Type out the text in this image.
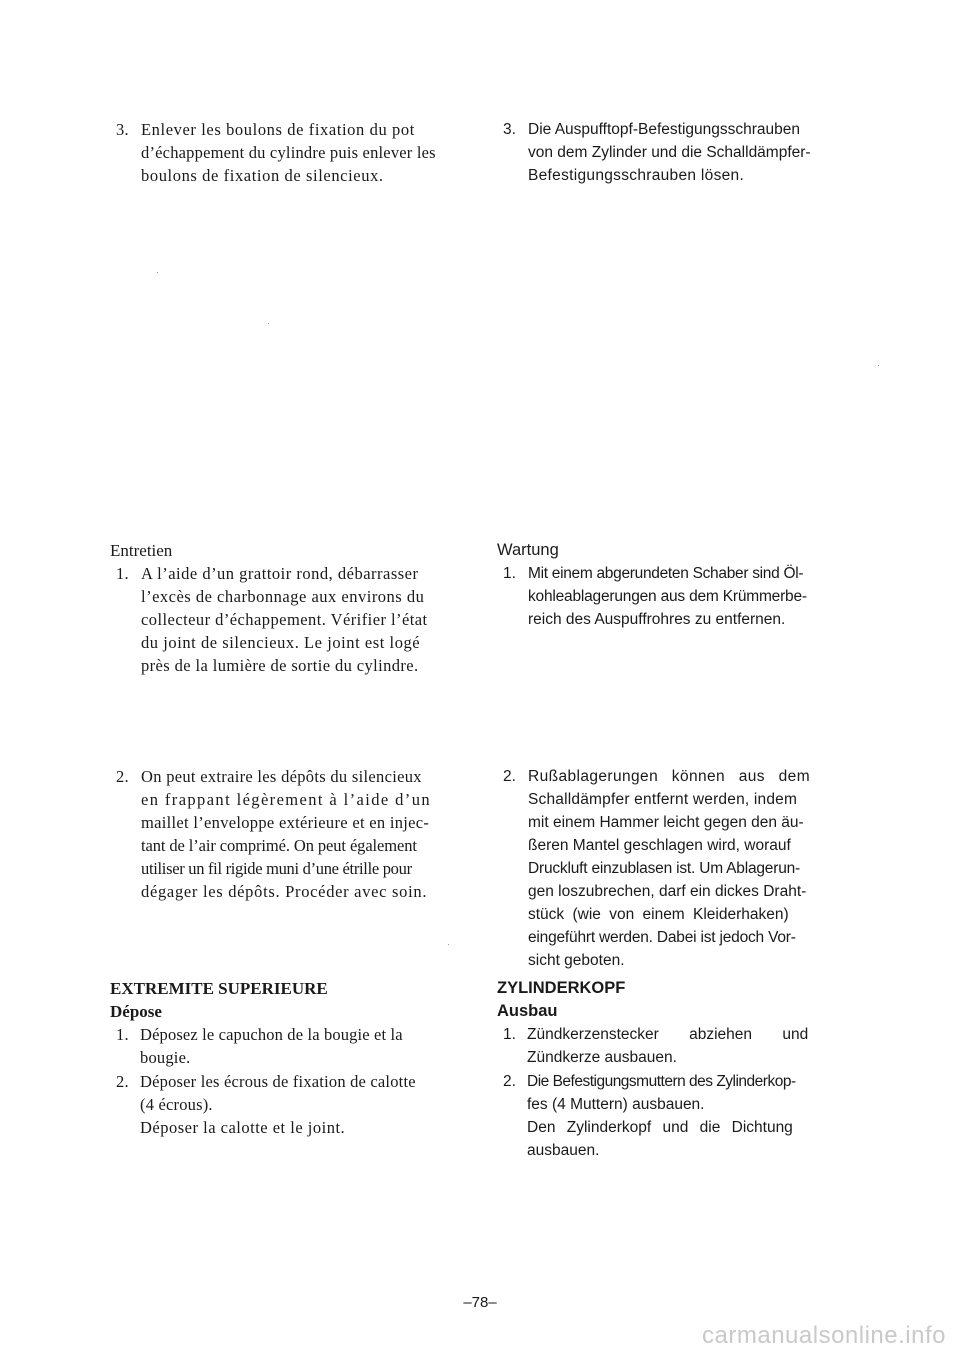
3. Enlever les boulons de fixation du pot
d’échappement du cylindre puis enlever les
boulons de fixation de silencieux.
Entretien
1. A l’aide d’un grattoir rond, débarrasser
l’excès de charbonnage aux environs du
collecteur d’échappement. Vérifier l’état
du joint de silencieux. Le joint est logé
près de la lumière de sortie du cylindre.
2. On peut extraire les dépôts du silencieux
en frappant légèrement à l’aide d’un
maillet l’enveloppe extérieure et en injec-
tant de l’air comprimé. On peut également
utiliser un fil rigide muni d’une étrille pour
dégager les dépôts. Procéder avec soin.
EXTREMITE SUPERIEURE
Dépose
1. Déposez le capuchon de la bougie et la
bougie.
2. Déposer les écrous de fixation de calotte
(4 écrous).
Déposer la calotte et le joint.
3. Die Auspufftopf-Befestigungsschrauben
von dem Zylinder und die Schalldämpfer-
Befestigungsschrauben lösen.
Wartung
1. Mit einem abgerundeten Schaber sind Öl-
kohleablagerungen aus dem Krümmerbe-
reich des Auspuffrohres zu entfernen.
2. Rußablagerungen können aus dem
Schalldämpfer entfernt werden, indem
mit einem Hammer leicht gegen den äu-
ßeren Mantel geschlagen wird, worauf
Druckluft einzublasen ist. Um Ablagerun-
gen loszubrechen, darf ein dickes Draht-
stück (wie von einem Kleiderhaken)
eingeführt werden. Dabei ist jedoch Vor-
sicht geboten.
ZYLINDERKOPF
Ausbau
1. Zündkerzenstecker abziehen und
Zündkerze ausbauen.
2. Die Befestigungsmuttern des Zylinderkop-
fes (4 Muttern) ausbauen.
Den Zylinderkopf und die Dichtung
ausbauen.
–78–
carmanualsonline.info
